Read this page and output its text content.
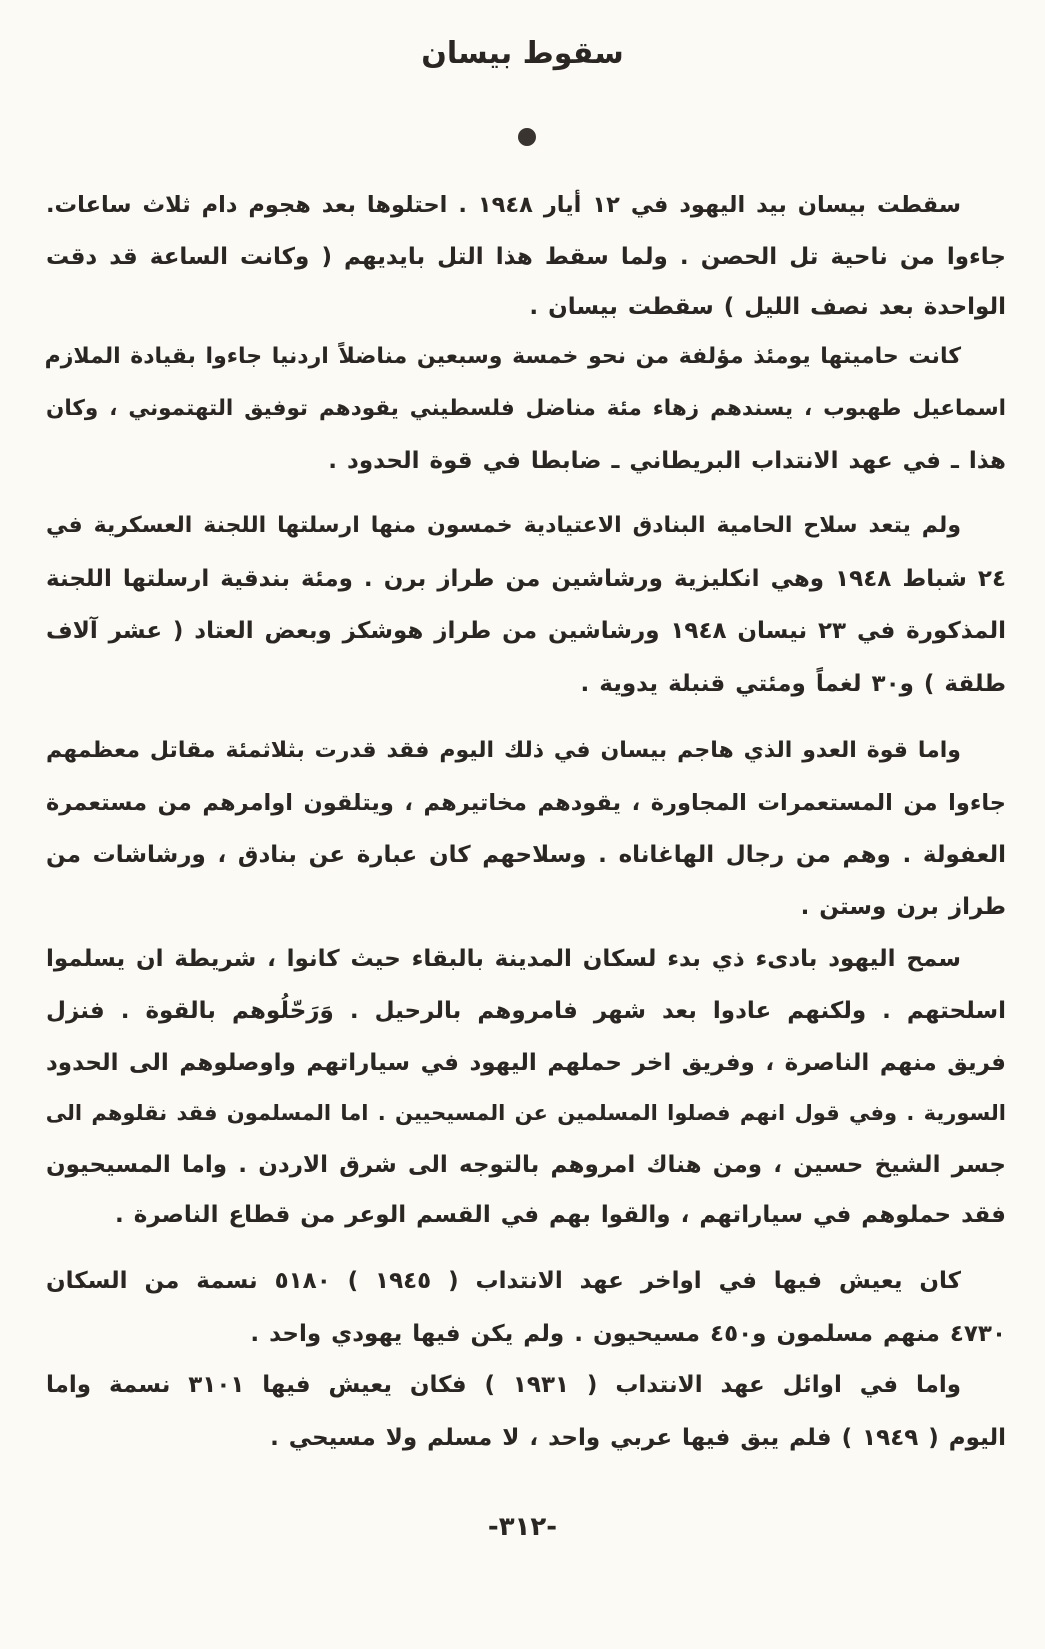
سقوط بيسان
سقطت بيسان بيد اليهود في ١٢ أيار ١٩٤٨ . احتلوها بعد هجوم دام ثلاث ساعات.
جاءوا من ناحية تل الحصن . ولما سقط هذا التل بايديهم ( وكانت الساعة قد دقت
الواحدة بعد نصف الليل ) سقطت بيسان .
كانت حاميتها يومئذ مؤلفة من نحو خمسة وسبعين مناضلاً اردنيا جاءوا بقيادة الملازم
اسماعيل طهبوب ، يسندهم زهاء مئة مناضل فلسطيني يقودهم توفيق التهتموني ، وكان
هذا ـ في عهد الانتداب البريطاني ـ ضابطا في قوة الحدود .
ولم يتعد سلاح الحامية البنادق الاعتيادية خمسون منها ارسلتها اللجنة العسكرية في
٢٤ شباط ١٩٤٨ وهي انكليزية ورشاشين من طراز برن . ومئة بندقية ارسلتها اللجنة
المذكورة في ٢٣ نيسان ١٩٤٨ ورشاشين من طراز هوشكز وبعض العتاد ( عشر آلاف
طلقة ) و٣٠ لغماً ومئتي قنبلة يدوية .
واما قوة العدو الذي هاجم بيسان في ذلك اليوم فقد قدرت بثلاثمئة مقاتل معظمهم
جاءوا من المستعمرات المجاورة ، يقودهم مخاتيرهم ، ويتلقون اوامرهم من مستعمرة
العفولة . وهم من رجال الهاغاناه . وسلاحهم كان عبارة عن بنادق ، ورشاشات من
طراز برن وستن .
سمح اليهود بادىء ذي بدء لسكان المدينة بالبقاء حيث كانوا ، شريطة ان يسلموا
اسلحتهم . ولكنهم عادوا بعد شهر فامروهم بالرحيل . وَرَحّلُوهم بالقوة . فنزل
فريق منهم الناصرة ، وفريق اخر حملهم اليهود في سياراتهم واوصلوهم الى الحدود
السورية . وفي قول انهم فصلوا المسلمين عن المسيحيين . اما المسلمون فقد نقلوهم الى
جسر الشيخ حسين ، ومن هناك امروهم بالتوجه الى شرق الاردن . واما المسيحيون
فقد حملوهم في سياراتهم ، والقوا بهم في القسم الوعر من قطاع الناصرة .
كان يعيش فيها في اواخر عهد الانتداب ( ١٩٤٥ ) ٥١٨٠ نسمة من السكان
٤٧٣٠ منهم مسلمون و٤٥٠ مسيحيون . ولم يكن فيها يهودي واحد .
واما في اوائل عهد الانتداب ( ١٩٣١ ) فكان يعيش فيها ٣١٠١ نسمة واما
اليوم ( ١٩٤٩ ) فلم يبق فيها عربي واحد ، لا مسلم ولا مسيحي .
-٣١٢-
